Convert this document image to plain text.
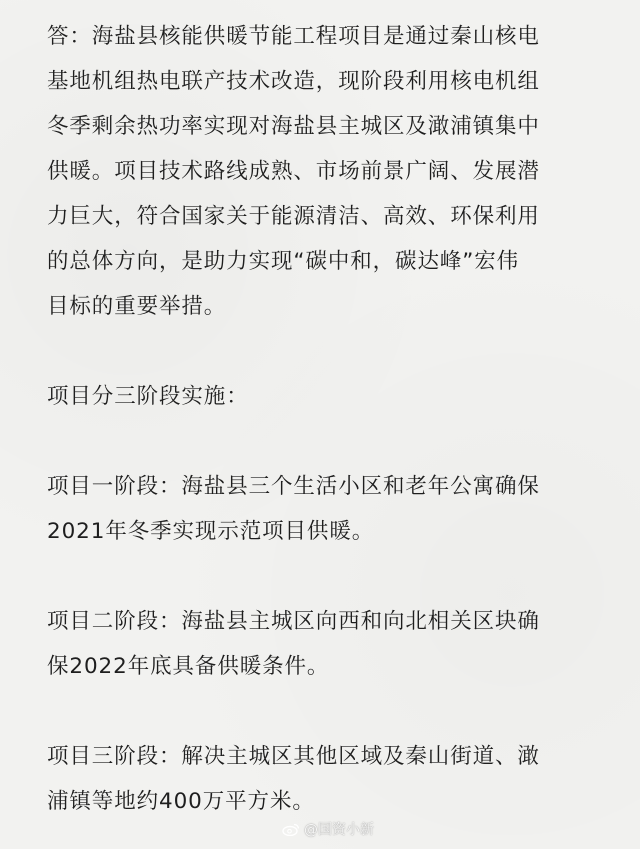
答：海盐县核能供暖节能工程项目是通过秦山核电
基地机组热电联产技术改造，现阶段利用核电机组
冬季剩余热功率实现对海盐县主城区及澉浦镇集中
供暖。项目技术路线成熟、市场前景广阔、发展潜
力巨大，符合国家关于能源清洁、高效、环保利用
的总体方向，是助力实现“碳中和，碳达峰”宏伟
目标的重要举措。

项目分三阶段实施：

项目一阶段：海盐县三个生活小区和老年公寓确保
2021年冬季实现示范项目供暖。

项目二阶段：海盐县主城区向西和向北相关区块确
保2022年底具备供暖条件。

项目三阶段：解决主城区其他区域及秦山街道、澉
浦镇等地约400万平方米。

@国资小新
